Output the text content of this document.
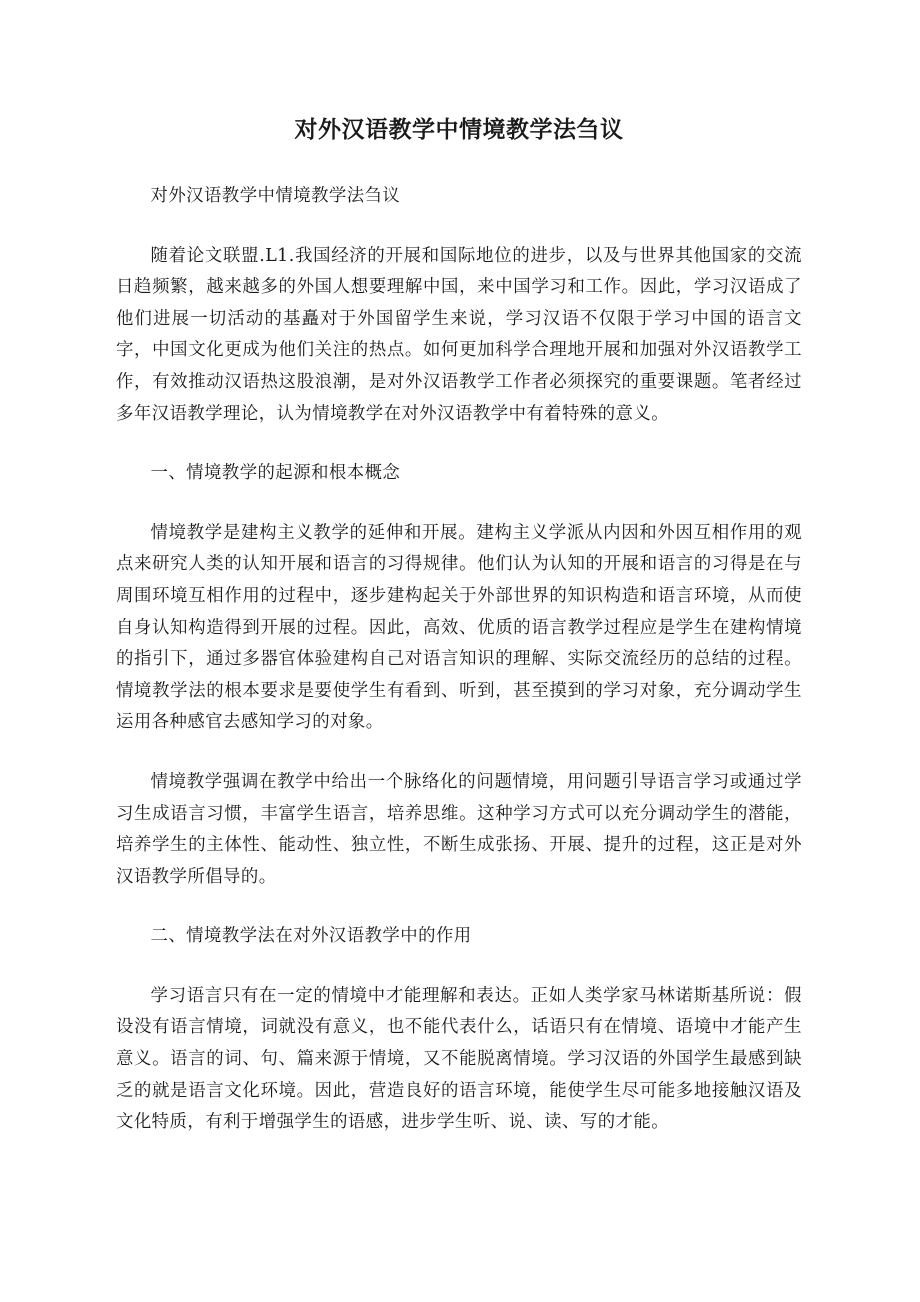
对外汉语教学中情境教学法刍议

对外汉语教学中情境教学法刍议

随着论文联盟.L1.我国经济的开展和国际地位的进步，以及与世界其他国家的交流日趋频繁，越来越多的外国人想要理解中国，来中国学习和工作。因此，学习汉语成了他们进展一切活动的基矗对于外国留学生来说，学习汉语不仅限于学习中国的语言文字，中国文化更成为他们关注的热点。如何更加科学合理地开展和加强对外汉语教学工作，有效推动汉语热这股浪潮，是对外汉语教学工作者必须探究的重要课题。笔者经过多年汉语教学理论，认为情境教学在对外汉语教学中有着特殊的意义。

一、情境教学的起源和根本概念

情境教学是建构主义教学的延伸和开展。建构主义学派从内因和外因互相作用的观点来研究人类的认知开展和语言的习得规律。他们认为认知的开展和语言的习得是在与周围环境互相作用的过程中，逐步建构起关于外部世界的知识构造和语言环境，从而使自身认知构造得到开展的过程。因此，高效、优质的语言教学过程应是学生在建构情境的指引下，通过多器官体验建构自己对语言知识的理解、实际交流经历的总结的过程。情境教学法的根本要求是要使学生有看到、听到，甚至摸到的学习对象，充分调动学生运用各种感官去感知学习的对象。

情境教学强调在教学中给出一个脉络化的问题情境，用问题引导语言学习或通过学习生成语言习惯，丰富学生语言，培养思维。这种学习方式可以充分调动学生的潜能，培养学生的主体性、能动性、独立性，不断生成张扬、开展、提升的过程，这正是对外汉语教学所倡导的。

二、情境教学法在对外汉语教学中的作用

学习语言只有在一定的情境中才能理解和表达。正如人类学家马林诺斯基所说：假设没有语言情境，词就没有意义，也不能代表什么，话语只有在情境、语境中才能产生意义。语言的词、句、篇来源于情境，又不能脱离情境。学习汉语的外国学生最感到缺乏的就是语言文化环境。因此，营造良好的语言环境，能使学生尽可能多地接触汉语及文化特质，有利于增强学生的语感，进步学生听、说、读、写的才能。
